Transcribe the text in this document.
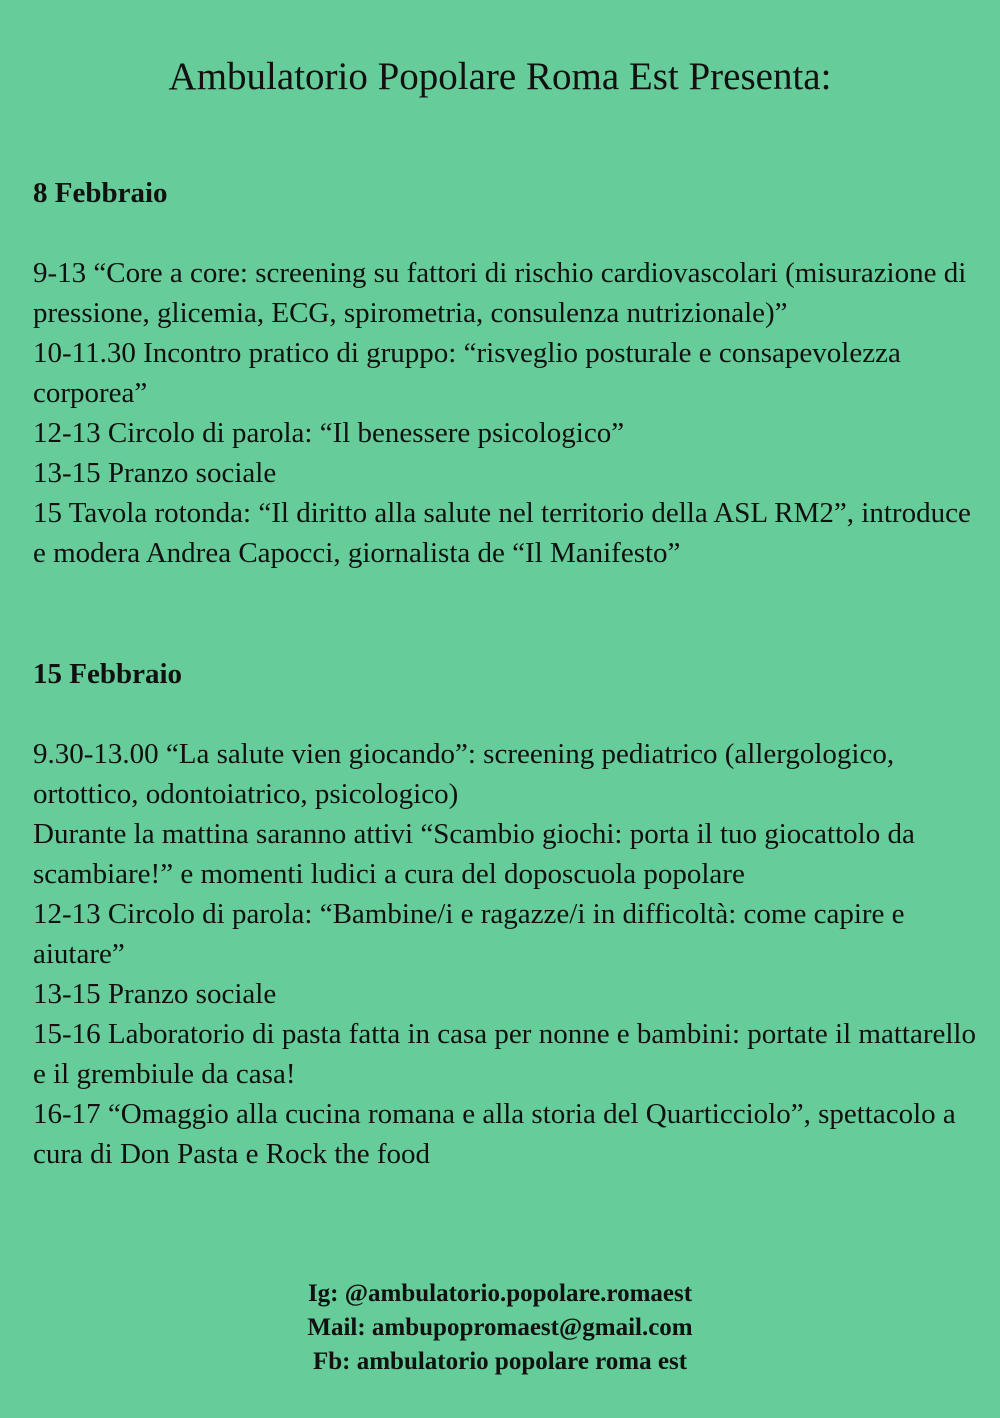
Ambulatorio Popolare Roma Est Presenta:

8 Febbraio

9-13 “Core a core: screening su fattori di rischio cardiovascolari (misurazione di pressione, glicemia, ECG, spirometria, consulenza nutrizionale)”

10-11.30 Incontro pratico di gruppo: “risveglio posturale e consapevolezza corporea”

12-13 Circolo di parola: “Il benessere psicologico”

13-15 Pranzo sociale

15 Tavola rotonda: “Il diritto alla salute nel territorio della ASL RM2”, introduce e modera Andrea Capocci, giornalista de “Il Manifesto”

15 Febbraio

9.30-13.00 “La salute vien giocando”: screening pediatrico (allergologico, ortottico, odontoiatrico, psicologico)

Durante la mattina saranno attivi “Scambio giochi: porta il tuo giocattolo da scambiare!” e momenti ludici a cura del doposcuola popolare

12-13 Circolo di parola: “Bambine/i e ragazze/i in difficoltà: come capire e aiutare”

13-15 Pranzo sociale

15-16 Laboratorio di pasta fatta in casa per nonne e bambini: portate il mattarello e il grembiule da casa!

16-17 “Omaggio alla cucina romana e alla storia del Quarticciolo”, spettacolo a cura di Don Pasta e Rock the food

Ig: @ambulatorio.popolare.romaest

Mail: ambupopromaest@gmail.com

Fb: ambulatorio popolare roma est
